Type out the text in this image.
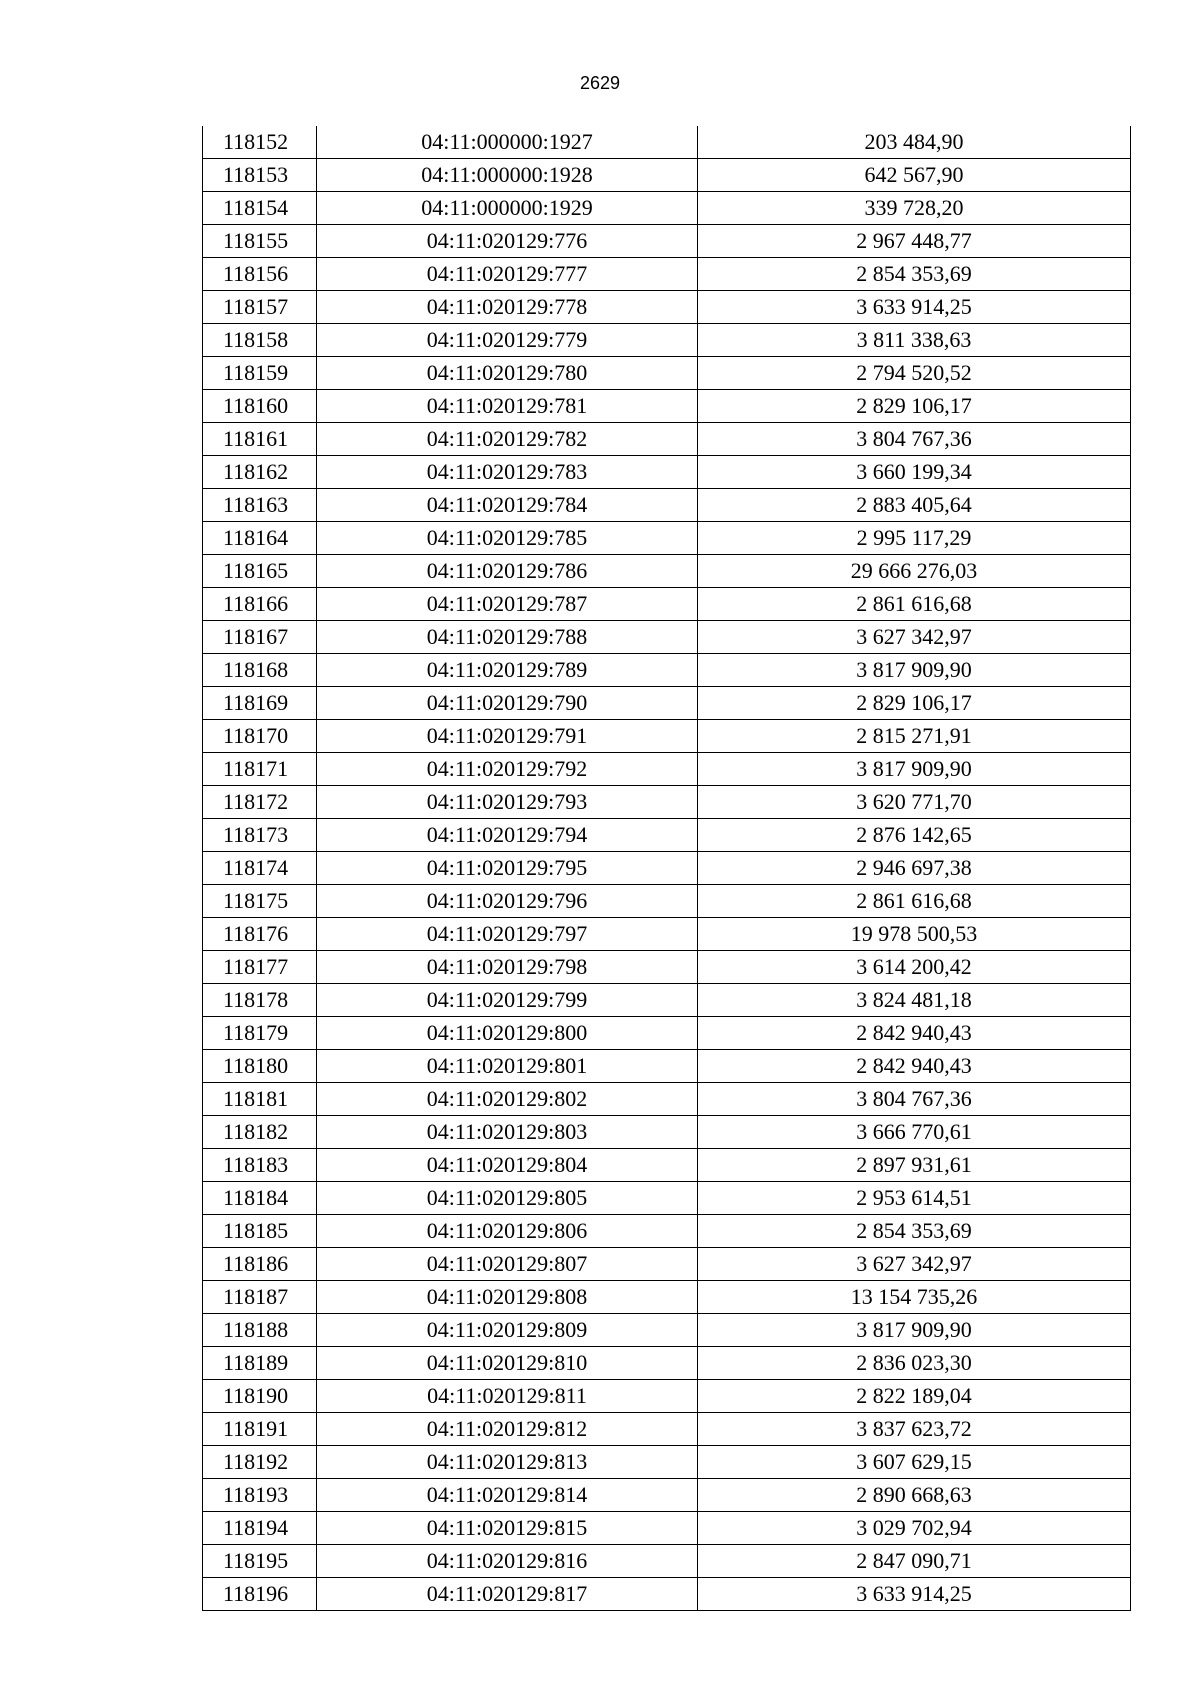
2629
118152	04:11:000000:1927	203 484,90
118153	04:11:000000:1928	642 567,90
118154	04:11:000000:1929	339 728,20
118155	04:11:020129:776	2 967 448,77
118156	04:11:020129:777	2 854 353,69
118157	04:11:020129:778	3 633 914,25
118158	04:11:020129:779	3 811 338,63
118159	04:11:020129:780	2 794 520,52
118160	04:11:020129:781	2 829 106,17
118161	04:11:020129:782	3 804 767,36
118162	04:11:020129:783	3 660 199,34
118163	04:11:020129:784	2 883 405,64
118164	04:11:020129:785	2 995 117,29
118165	04:11:020129:786	29 666 276,03
118166	04:11:020129:787	2 861 616,68
118167	04:11:020129:788	3 627 342,97
118168	04:11:020129:789	3 817 909,90
118169	04:11:020129:790	2 829 106,17
118170	04:11:020129:791	2 815 271,91
118171	04:11:020129:792	3 817 909,90
118172	04:11:020129:793	3 620 771,70
118173	04:11:020129:794	2 876 142,65
118174	04:11:020129:795	2 946 697,38
118175	04:11:020129:796	2 861 616,68
118176	04:11:020129:797	19 978 500,53
118177	04:11:020129:798	3 614 200,42
118178	04:11:020129:799	3 824 481,18
118179	04:11:020129:800	2 842 940,43
118180	04:11:020129:801	2 842 940,43
118181	04:11:020129:802	3 804 767,36
118182	04:11:020129:803	3 666 770,61
118183	04:11:020129:804	2 897 931,61
118184	04:11:020129:805	2 953 614,51
118185	04:11:020129:806	2 854 353,69
118186	04:11:020129:807	3 627 342,97
118187	04:11:020129:808	13 154 735,26
118188	04:11:020129:809	3 817 909,90
118189	04:11:020129:810	2 836 023,30
118190	04:11:020129:811	2 822 189,04
118191	04:11:020129:812	3 837 623,72
118192	04:11:020129:813	3 607 629,15
118193	04:11:020129:814	2 890 668,63
118194	04:11:020129:815	3 029 702,94
118195	04:11:020129:816	2 847 090,71
118196	04:11:020129:817	3 633 914,25
